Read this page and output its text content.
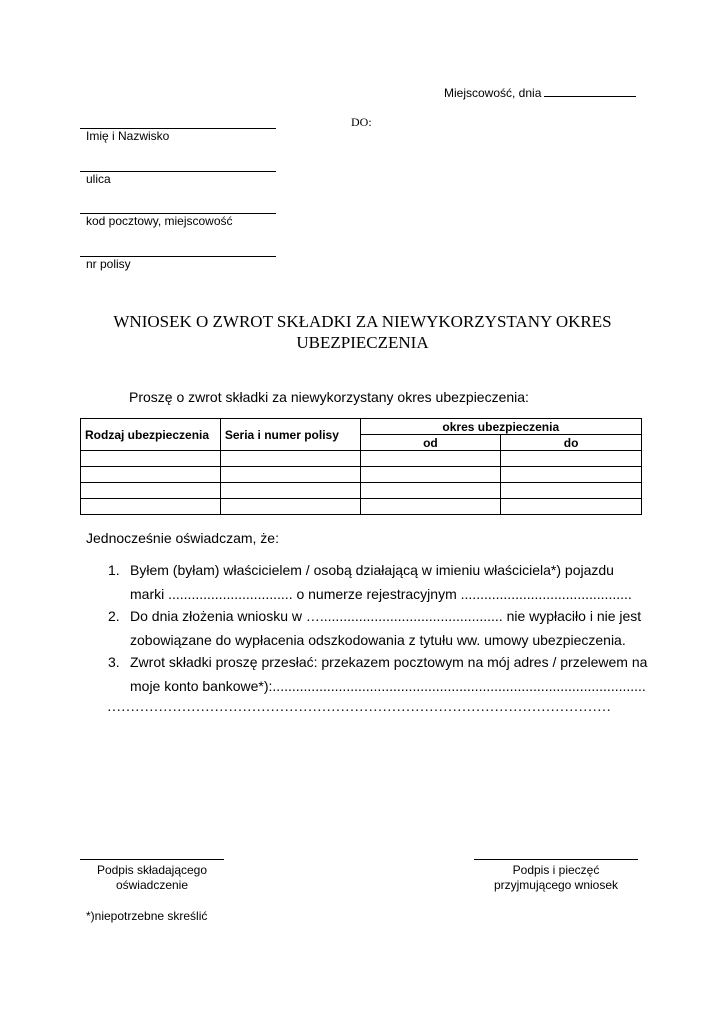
Miejscowość, dnia
DO:
Imię i Nazwisko
ulica
kod pocztowy, miejscowość
nr polisy
WNIOSEK O ZWROT SKŁADKI ZA NIEWYKORZYSTANY OKRES UBEZPIECZENIA
Proszę o zwrot składki za niewykorzystany okres ubezpieczenia:
Rodzaj ubezpieczenia	Seria i numer polisy	okres ubezpieczenia	
		od	do

Jednocześnie oświadczam, że:
1. Byłem (byłam) właścicielem / osobą działającą w imieniu właściciela*) pojazdu
marki ................................ o numerze rejestracyjnym ............................................
2. Do dnia złożenia wniosku w …............................................... nie wypłaciło i nie jest
zobowiązane do wypłacenia odszkodowania z tytułu ww. umowy ubezpieczenia.
3. Zwrot składki proszę przesłać: przekazem pocztowym na mój adres / przelewem na
moje konto bankowe*):................................................................................................
………………………………………………………………………………………………
Podpis składającego
oświadczenie
Podpis i pieczęć
przyjmującego wniosek
*)niepotrzebne skreślić
